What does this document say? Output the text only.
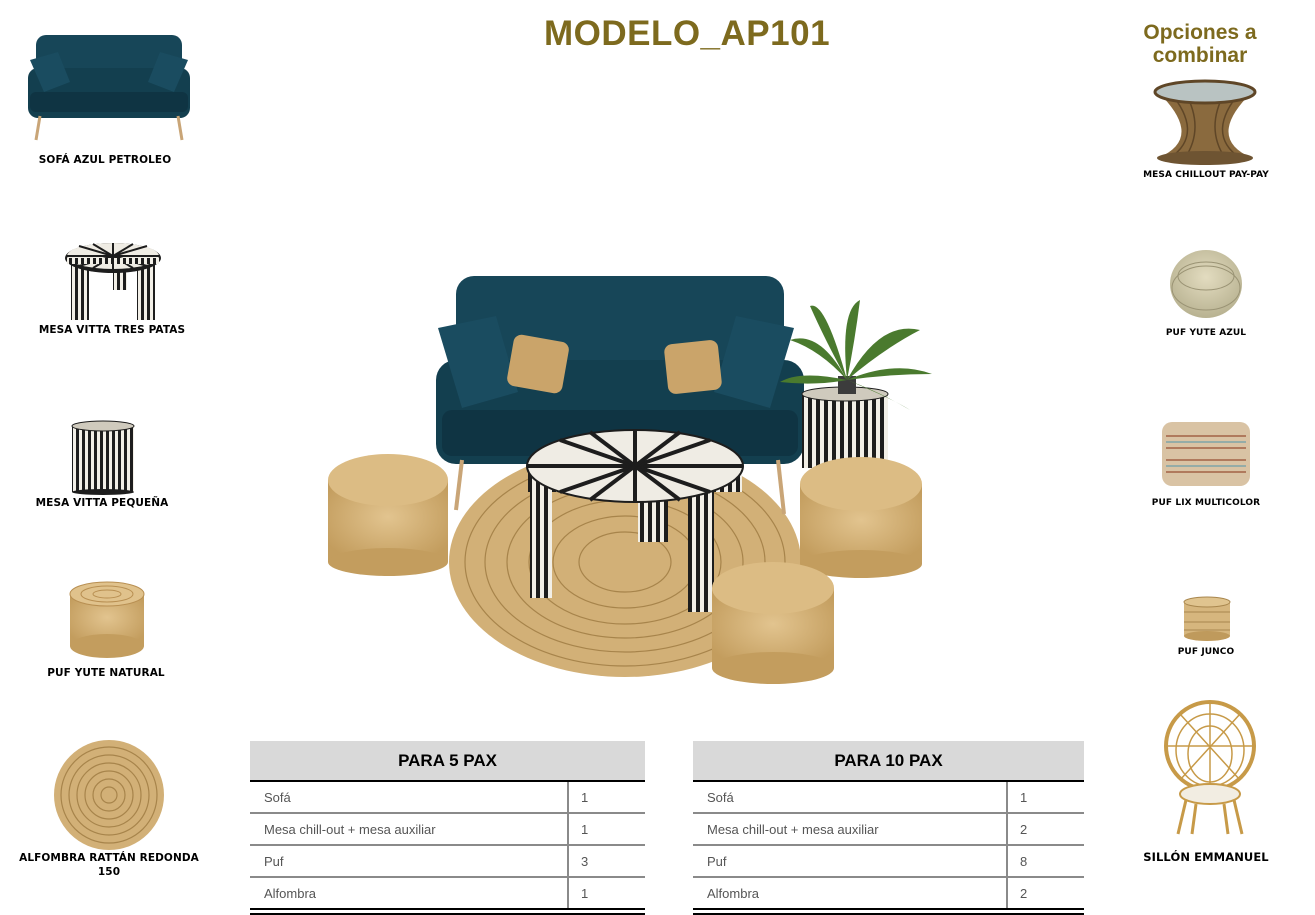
MODELO_AP101	Opciones a combinar
SOFÁ AZUL PETROLEO
MESA VITTA TRES PATAS
MESA VITTA PEQUEÑA
PUF YUTE NATURAL
ALFOMBRA RATTÁN REDONDA 150
MESA CHILLOUT PAY-PAY
PUF YUTE AZUL
PUF LIX MULTICOLOR
PUF JUNCO
SILLÓN EMMANUEL
PARA 5 PAX	
Sofá	1
Mesa chill-out + mesa auxiliar	1
Puf	3
Alfombra	1
PARA 10 PAX	
Sofá	1
Mesa chill-out + mesa auxiliar	2
Puf	8
Alfombra	2
